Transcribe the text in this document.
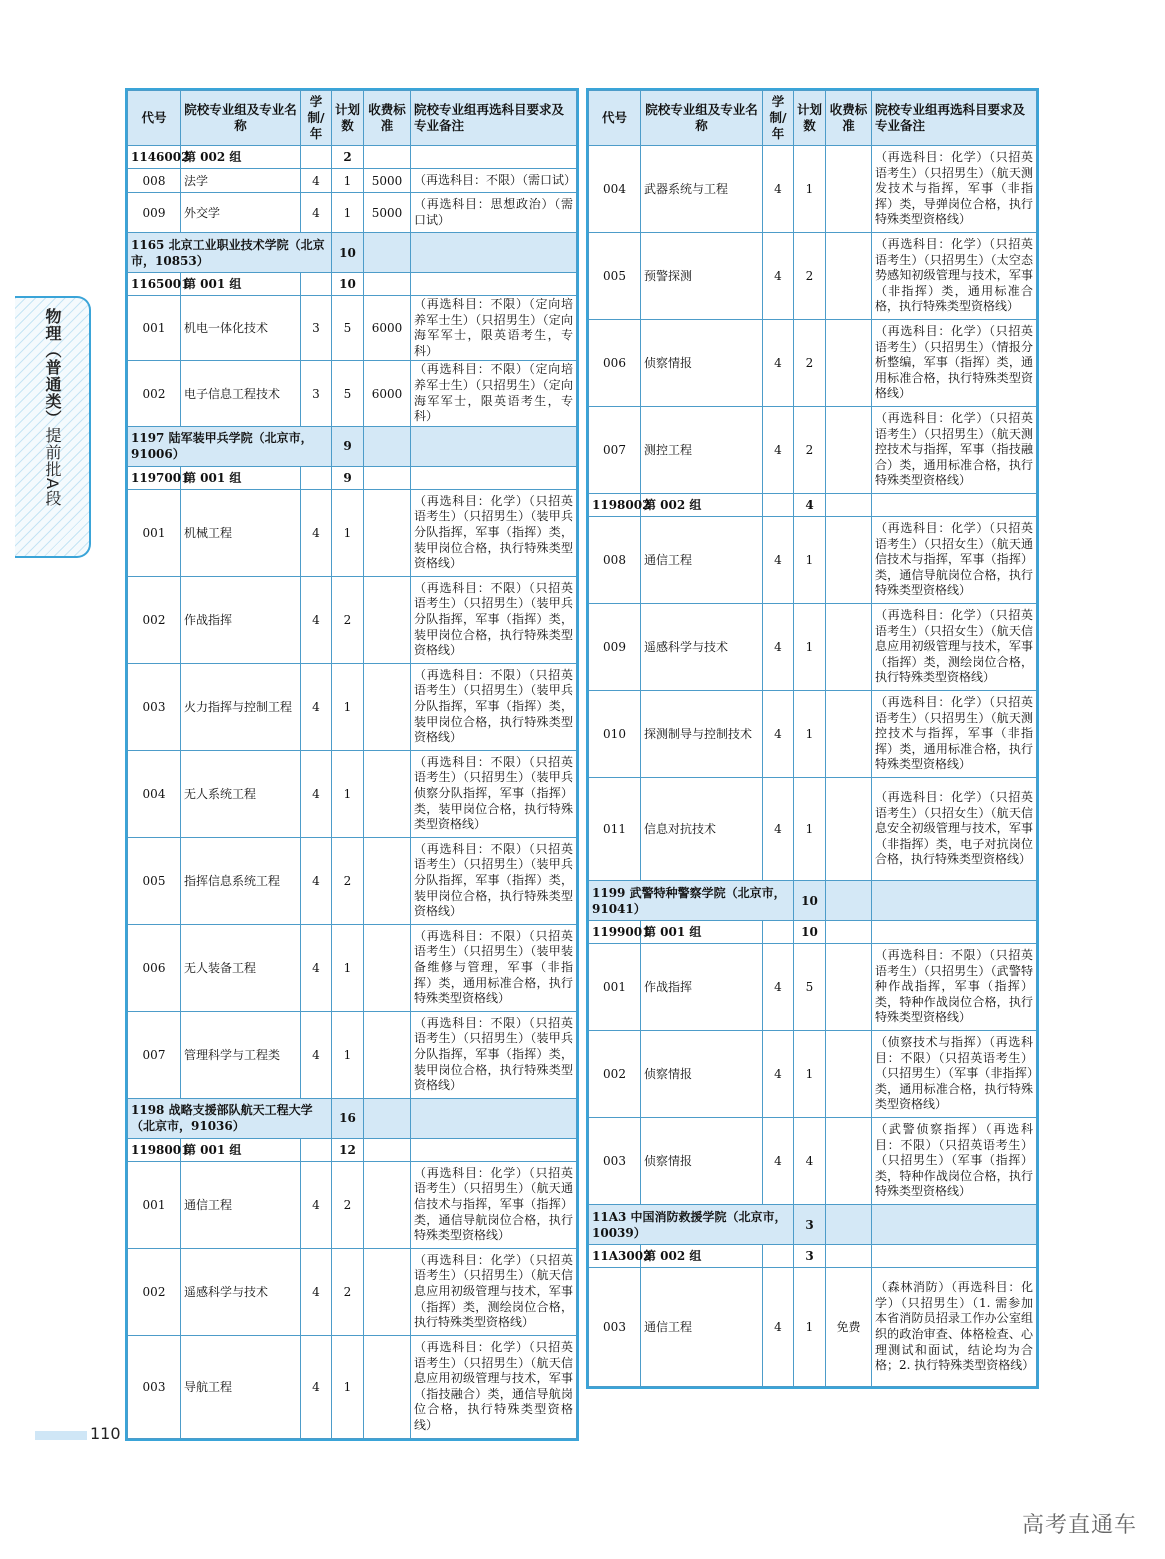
物理（普通类）提前批A段
代号	院校专业组及专业名称	学制/年	计划数	收费标准	院校专业组再选科目要求及专业备注
1146002	第 002 组		2		
008	法学	4	1	5000	（再选科目：不限）（需口试）
009	外交学	4	1	5000	（再选科目：思想政治）（需口试）
1165 北京工业职业技术学院（北京市，10853）			10		
1165001	第 001 组		10		
001	机电一体化技术	3	5	6000	（再选科目：不限）（定向培养军士生）（只招男生）（定向海军军士，限英语考生，专科）
002	电子信息工程技术	3	5	6000	（再选科目：不限）（定向培养军士生）（只招男生）（定向海军军士，限英语考生，专科）
1197 陆军装甲兵学院（北京市，91006）			9		
1197001	第 001 组		9		
001	机械工程	4	1		（再选科目：化学）（只招英语考生）（只招男生）（装甲兵分队指挥，军事（指挥）类，装甲岗位合格，执行特殊类型资格线）
002	作战指挥	4	2		（再选科目：不限）（只招英语考生）（只招男生）（装甲兵分队指挥，军事（指挥）类，装甲岗位合格，执行特殊类型资格线）
003	火力指挥与控制工程	4	1		（再选科目：不限）（只招英语考生）（只招男生）（装甲兵分队指挥，军事（指挥）类，装甲岗位合格，执行特殊类型资格线）
004	无人系统工程	4	1		（再选科目：不限）（只招英语考生）（只招男生）（装甲兵侦察分队指挥，军事（指挥）类，装甲岗位合格，执行特殊类型资格线）
005	指挥信息系统工程	4	2		（再选科目：不限）（只招英语考生）（只招男生）（装甲兵分队指挥，军事（指挥）类，装甲岗位合格，执行特殊类型资格线）
006	无人装备工程	4	1		（再选科目：不限）（只招英语考生）（只招男生）（装甲装备维修与管理，军事（非指挥）类，通用标准合格，执行特殊类型资格线）
007	管理科学与工程类	4	1		（再选科目：不限）（只招英语考生）（只招男生）（装甲兵分队指挥，军事（指挥）类，装甲岗位合格，执行特殊类型资格线）
1198 战略支援部队航天工程大学（北京市，91036）			16		
1198001	第 001 组		12		
001	通信工程	4	2		（再选科目：化学）（只招英语考生）（只招男生）（航天通信技术与指挥，军事（指挥）类，通信导航岗位合格，执行特殊类型资格线）
002	遥感科学与技术	4	2		（再选科目：化学）（只招英语考生）（只招男生）（航天信息应用初级管理与技术，军事（指挥）类，测绘岗位合格，执行特殊类型资格线）
003	导航工程	4	1		（再选科目：化学）（只招英语考生）（只招男生）（航天信息应用初级管理与技术，军事（指技融合）类，通信导航岗位合格，执行特殊类型资格线）
代号	院校专业组及专业名称	学制/年	计划数	收费标准	院校专业组再选科目要求及专业备注
004	武器系统与工程	4	1		（再选科目：化学）（只招英语考生）（只招男生）（航天测发技术与指挥，军事（非指挥）类，导弹岗位合格，执行特殊类型资格线）
005	预警探测	4	2		（再选科目：化学）（只招英语考生）（只招男生）（太空态势感知初级管理与技术，军事（非指挥）类，通用标准合格，执行特殊类型资格线）
006	侦察情报	4	2		（再选科目：化学）（只招英语考生）（只招男生）（情报分析整编，军事（指挥）类，通用标准合格，执行特殊类型资格线）
007	测控工程	4	2		（再选科目：化学）（只招英语考生）（只招男生）（航天测控技术与指挥，军事（指技融合）类，通用标准合格，执行特殊类型资格线）
1198002	第 002 组		4		
008	通信工程	4	1		（再选科目：化学）（只招英语考生）（只招女生）（航天通信技术与指挥，军事（指挥）类，通信导航岗位合格，执行特殊类型资格线）
009	遥感科学与技术	4	1		（再选科目：化学）（只招英语考生）（只招女生）（航天信息应用初级管理与技术，军事（指挥）类，测绘岗位合格，执行特殊类型资格线）
010	探测制导与控制技术	4	1		（再选科目：化学）（只招英语考生）（只招男生）（航天测控技术与指挥，军事（非指挥）类，通用标准合格，执行特殊类型资格线）
011	信息对抗技术	4	1		（再选科目：化学）（只招英语考生）（只招女生）（航天信息安全初级管理与技术，军事（非指挥）类，电子对抗岗位合格，执行特殊类型资格线）
1199 武警特种警察学院（北京市，91041）			10		
1199001	第 001 组		10		
001	作战指挥	4	5		（再选科目：不限）（只招英语考生）（只招男生）（武警特种作战指挥，军事（指挥）类，特种作战岗位合格，执行特殊类型资格线）
002	侦察情报	4	1		（侦察技术与指挥）（再选科目：不限）（只招英语考生）（只招男生）（军事（非指挥）类，通用标准合格，执行特殊类型资格线）
003	侦察情报	4	4		（武警侦察指挥）（再选科目：不限）（只招英语考生）（只招男生）（军事（指挥）类，特种作战岗位合格，执行特殊类型资格线）
11A3 中国消防救援学院（北京市，10039）			3		
11A3002	第 002 组		3		
003	通信工程	4	1	免费	（森林消防）（再选科目：化学）（只招男生）（1. 需参加本省消防员招录工作办公室组织的政治审查、体格检查、心理测试和面试，结论均为合格；2. 执行特殊类型资格线）
110
高考直通车
